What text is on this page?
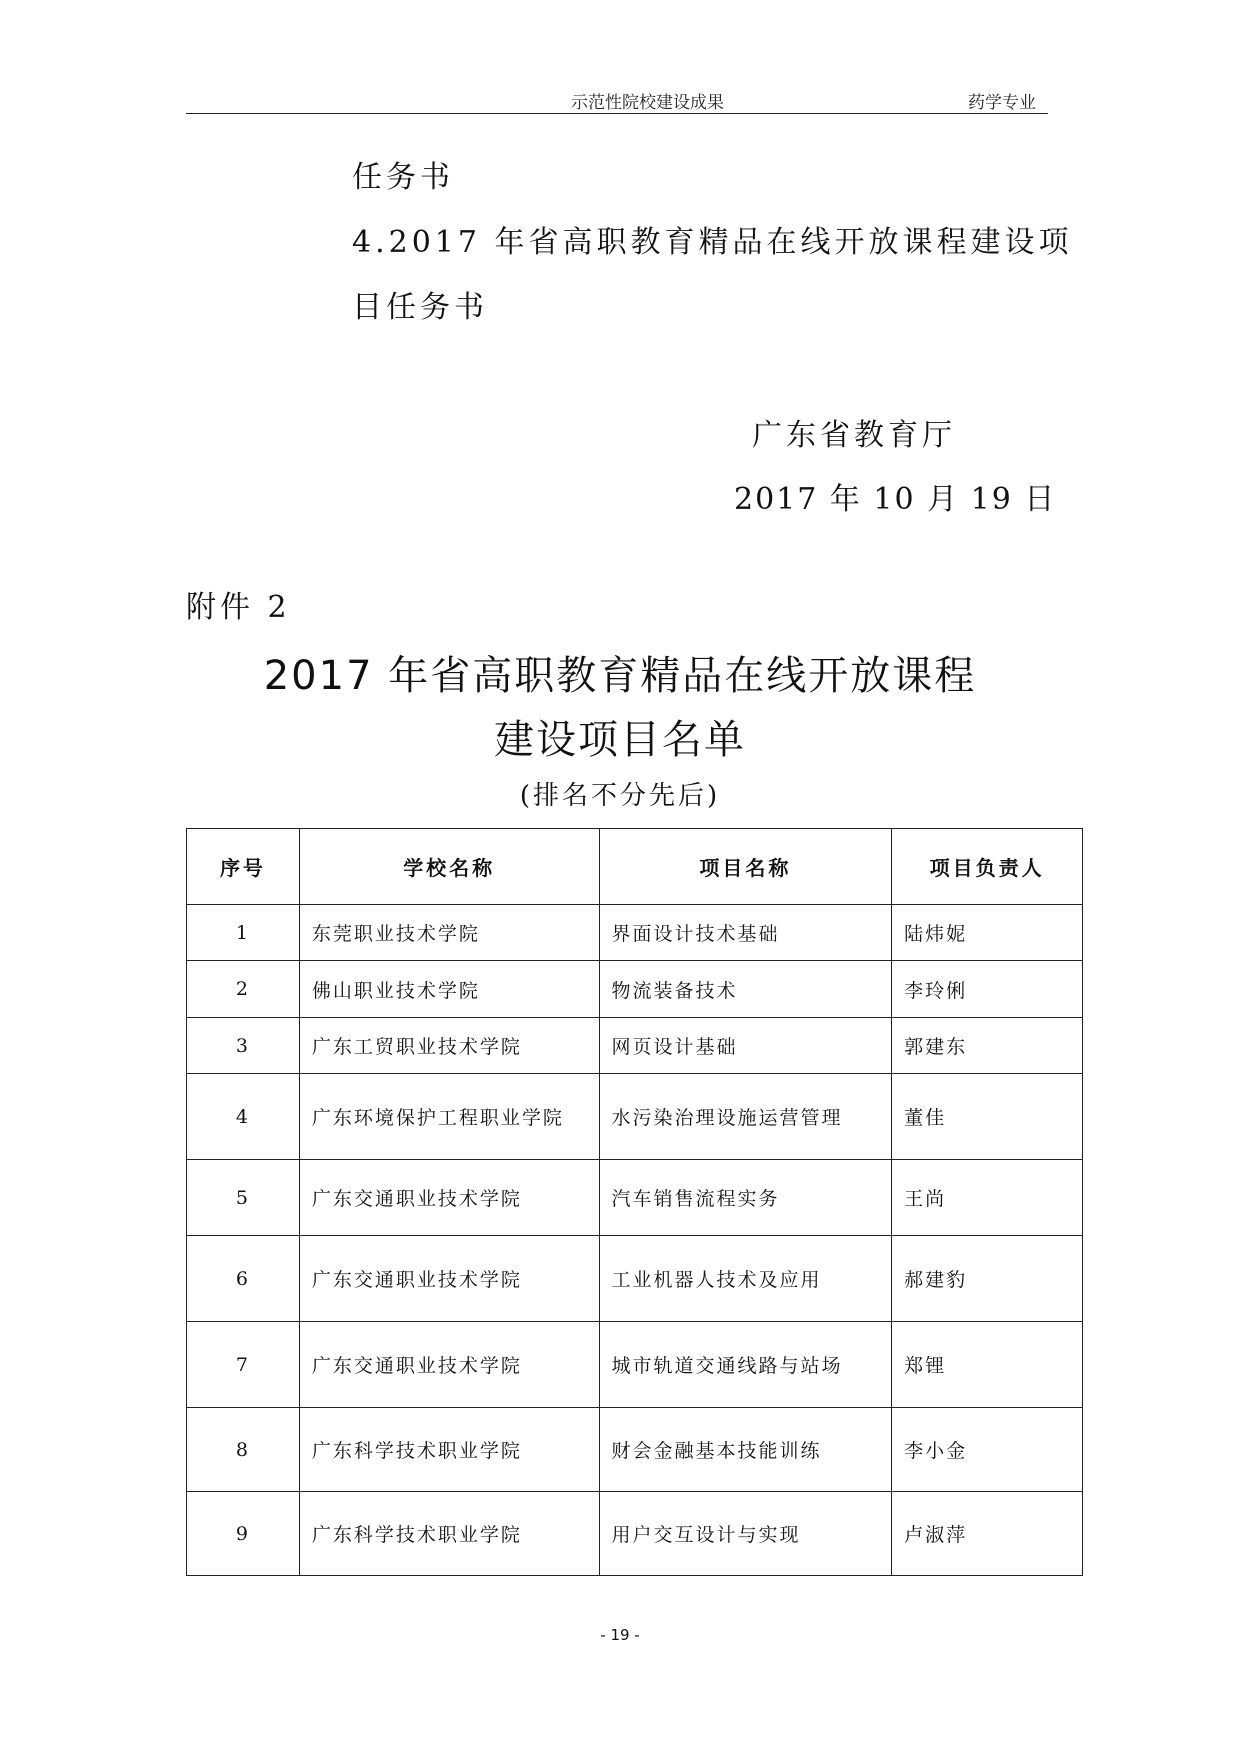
示范性院校建设成果	药学专业
任务书
4.2017 年省高职教育精品在线开放课程建设项
目任务书
广东省教育厅
2017 年 10 月 19 日
附件 2
2017 年省高职教育精品在线开放课程
建设项目名单
(排名不分先后)
序号	学校名称	项目名称	项目负责人
1	东莞职业技术学院	界面设计技术基础	陆炜妮
2	佛山职业技术学院	物流装备技术	李玲俐
3	广东工贸职业技术学院	网页设计基础	郭建东
4	广东环境保护工程职业学院	水污染治理设施运营管理	董佳
5	广东交通职业技术学院	汽车销售流程实务	王尚
6	广东交通职业技术学院	工业机器人技术及应用	郝建豹
7	广东交通职业技术学院	城市轨道交通线路与站场	郑锂
8	广东科学技术职业学院	财会金融基本技能训练	李小金
9	广东科学技术职业学院	用户交互设计与实现	卢淑萍
- 19 -
